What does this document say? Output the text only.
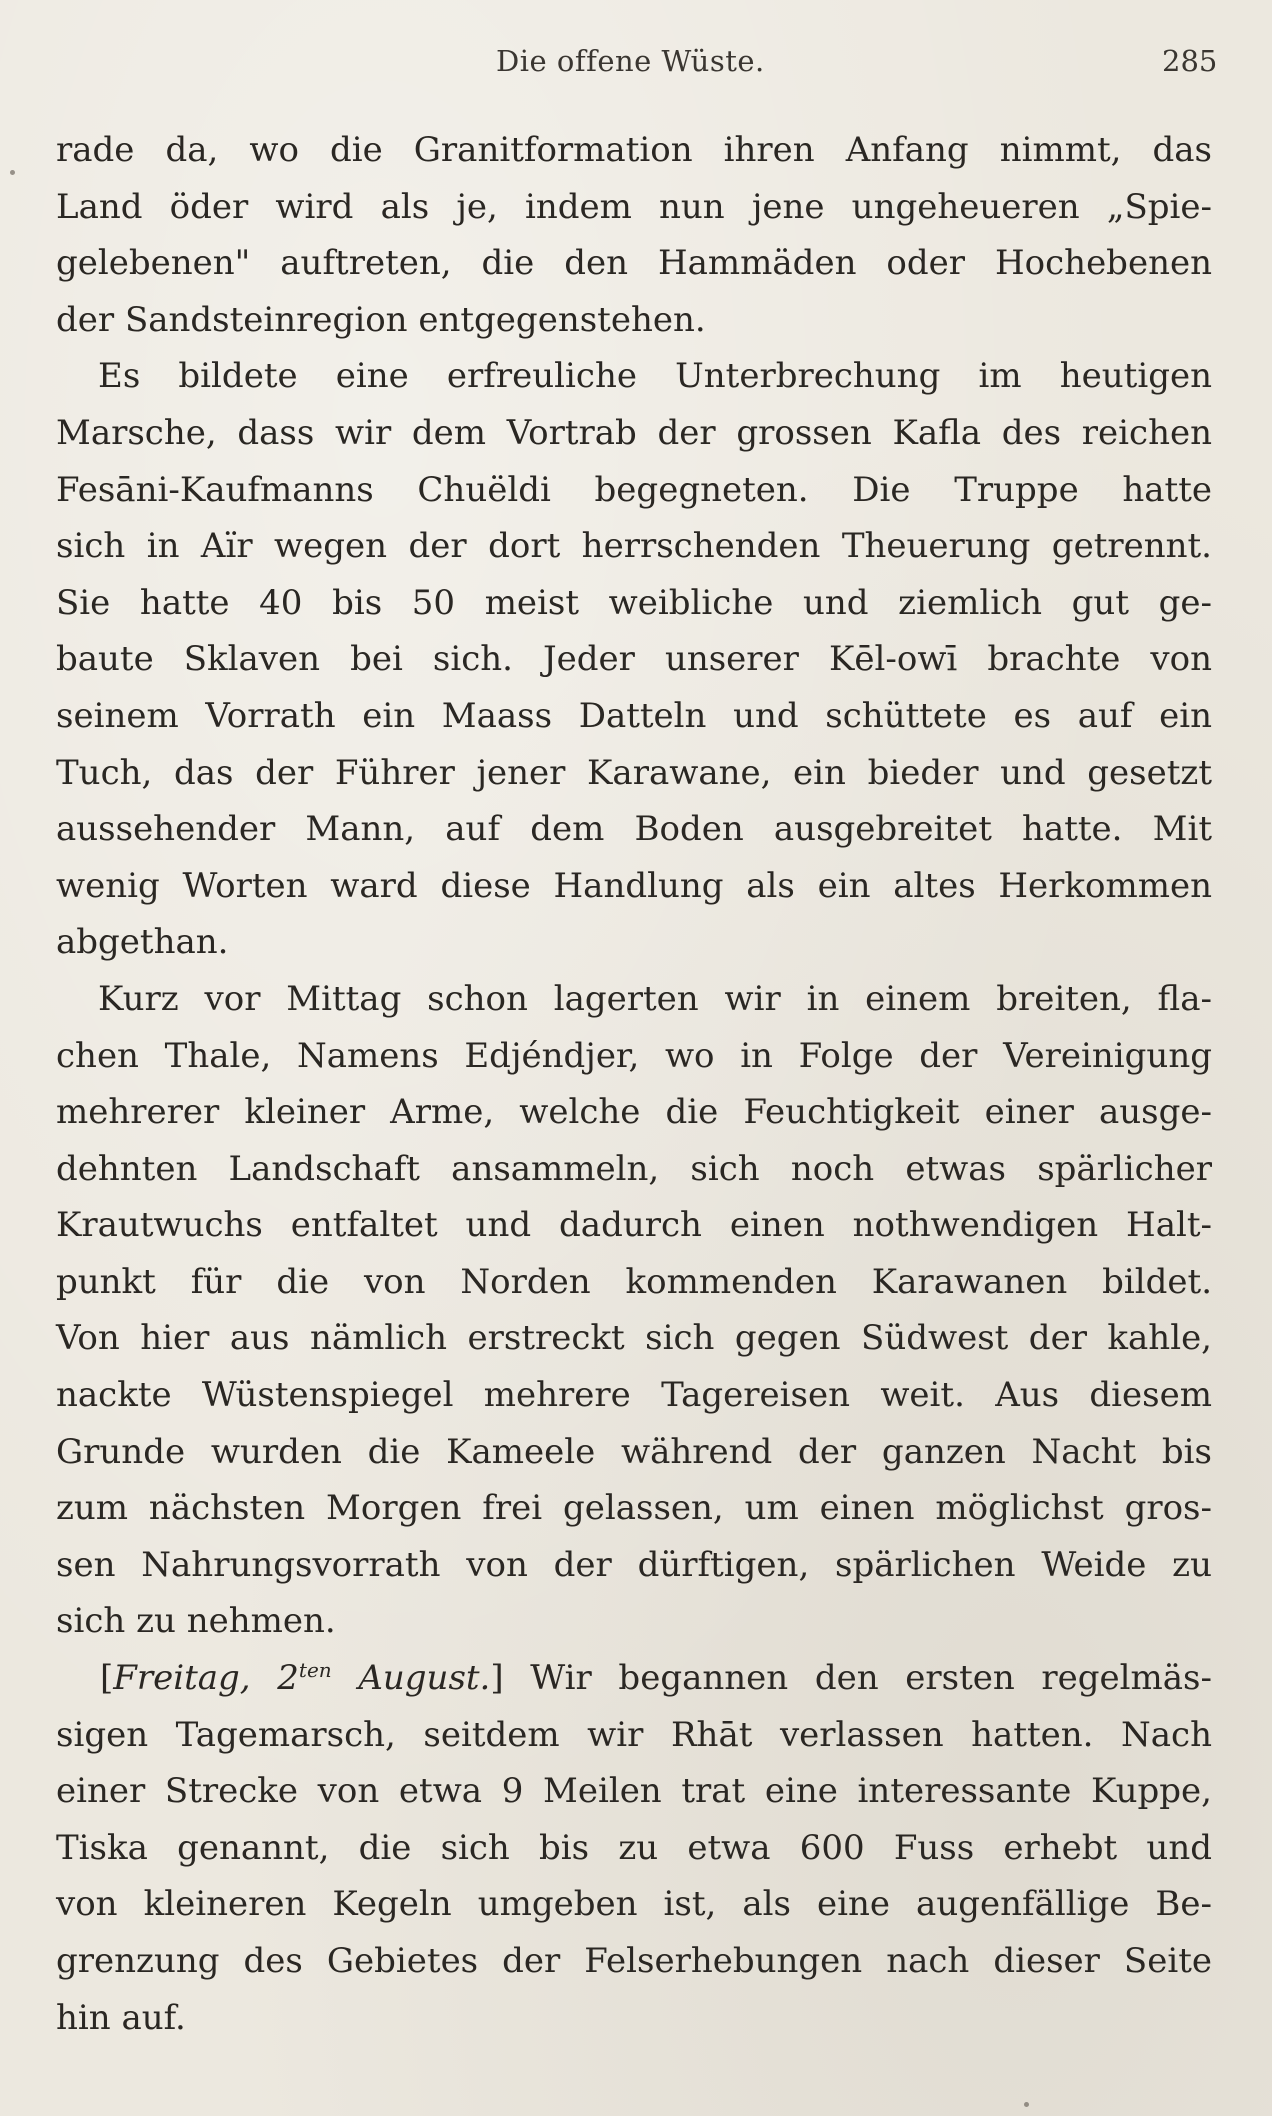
Die offene Wüste.	285
rade da, wo die Granitformation ihren Anfang nimmt, das
Land öder wird als je, indem nun jene ungeheueren „Spie-
gelebenen" auftreten, die den Hammäden oder Hochebenen
der Sandsteinregion entgegenstehen.
Es bildete eine erfreuliche Unterbrechung im heutigen
Marsche, dass wir dem Vortrab der grossen Kafla des reichen
Fesāni-Kaufmanns Chuëldi begegneten. Die Truppe hatte
sich in Aïr wegen der dort herrschenden Theuerung getrennt.
Sie hatte 40 bis 50 meist weibliche und ziemlich gut ge-
baute Sklaven bei sich. Jeder unserer Kēl-owī brachte von
seinem Vorrath ein Maass Datteln und schüttete es auf ein
Tuch, das der Führer jener Karawane, ein bieder und gesetzt
aussehender Mann, auf dem Boden ausgebreitet hatte. Mit
wenig Worten ward diese Handlung als ein altes Herkommen
abgethan.
Kurz vor Mittag schon lagerten wir in einem breiten, fla-
chen Thale, Namens Edjéndjer, wo in Folge der Vereinigung
mehrerer kleiner Arme, welche die Feuchtigkeit einer ausge-
dehnten Landschaft ansammeln, sich noch etwas spärlicher
Krautwuchs entfaltet und dadurch einen nothwendigen Halt-
punkt für die von Norden kommenden Karawanen bildet.
Von hier aus nämlich erstreckt sich gegen Südwest der kahle,
nackte Wüstenspiegel mehrere Tagereisen weit. Aus diesem
Grunde wurden die Kameele während der ganzen Nacht bis
zum nächsten Morgen frei gelassen, um einen möglichst gros-
sen Nahrungsvorrath von der dürftigen, spärlichen Weide zu
sich zu nehmen.
[Freitag, $2^{ten}$ August.] Wir begannen den ersten regelmäs-
sigen Tagemarsch, seitdem wir Rhāt verlassen hatten. Nach
einer Strecke von etwa 9 Meilen trat eine interessante Kuppe,
Tiska genannt, die sich bis zu etwa 600 Fuss erhebt und
von kleineren Kegeln umgeben ist, als eine augenfällige Be-
grenzung des Gebietes der Felserhebungen nach dieser Seite
hin auf.
